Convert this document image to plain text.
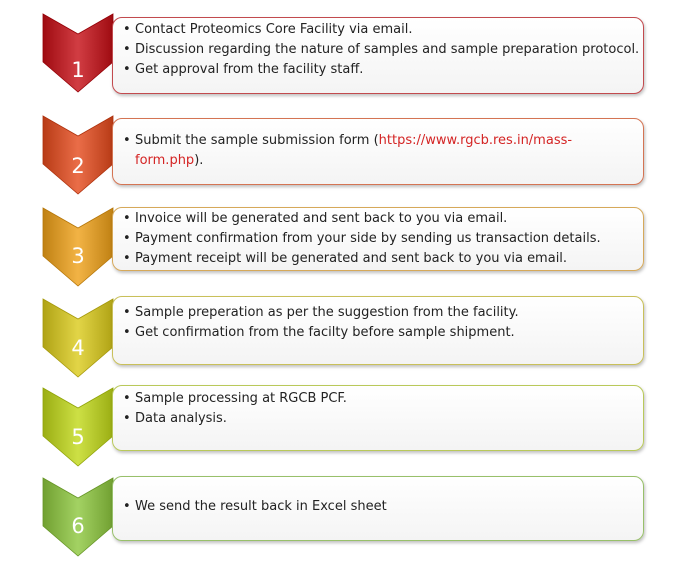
1
• Contact Proteomics Core Facility via email.
• Discussion regarding the nature of samples and sample preparation protocol.
• Get approval from the facility staff.
2
• Submit the sample submission form (https://www.rgcb.res.in/mass-
form.php).
3
• Invoice will be generated and sent back to you via email.
• Payment confirmation from your side by sending us transaction details.
• Payment receipt will be generated and sent back to you via email.
4
• Sample preperation as per the suggestion from the facility.
• Get confirmation from the facilty before sample shipment.
5
• Sample processing at RGCB PCF.
• Data analysis.
6
• We send the result back in Excel sheet
